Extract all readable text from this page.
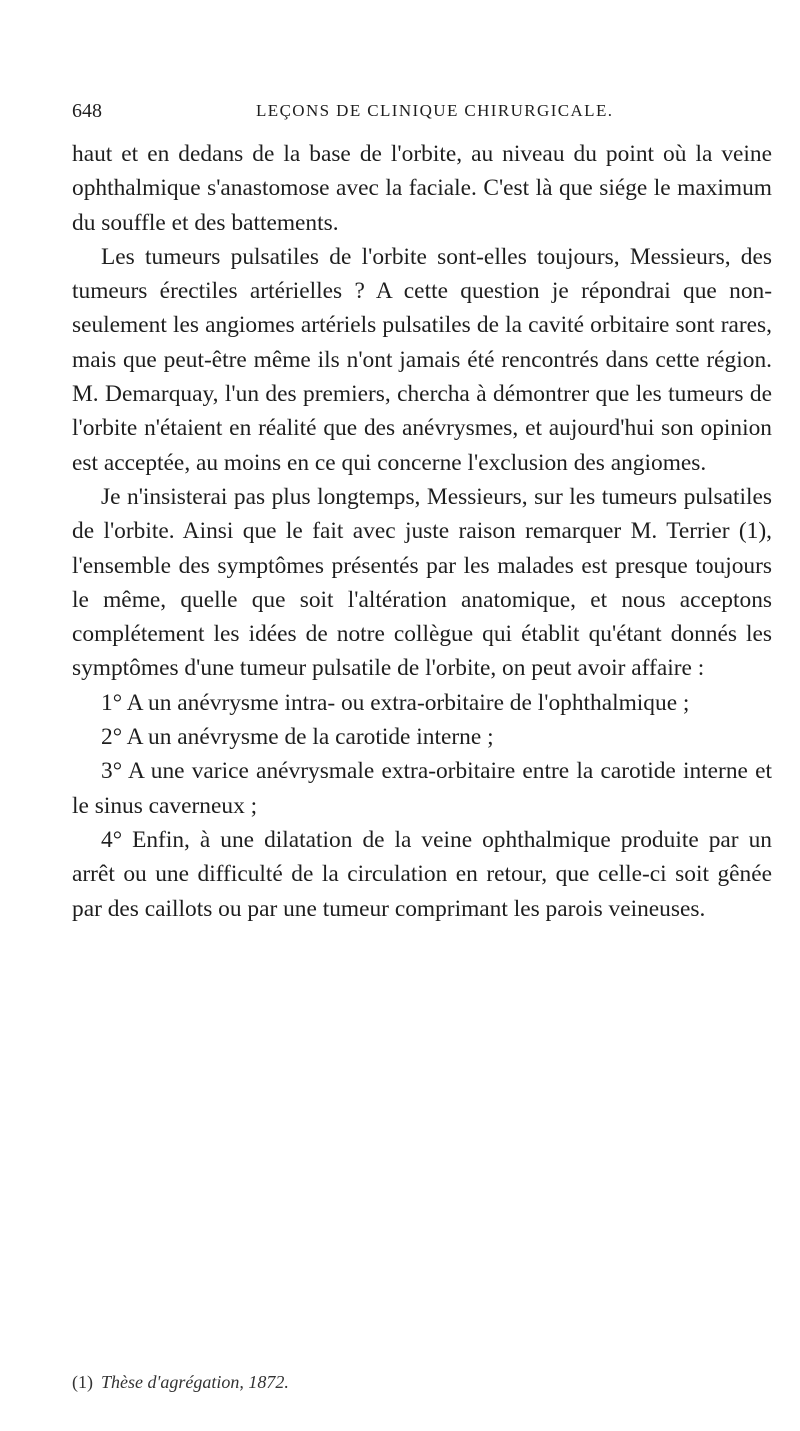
648	LEÇONS DE CLINIQUE CHIRURGICALE.

haut et en dedans de la base de l'orbite, au niveau du point où la veine ophthalmique s'anastomose avec la faciale. C'est là que siége le maximum du souffle et des battements.

Les tumeurs pulsatiles de l'orbite sont-elles toujours, Messieurs, des tumeurs érectiles artérielles ? A cette question je répondrai que non-seulement les angiomes artériels pulsatiles de la cavité orbitaire sont rares, mais que peut-être même ils n'ont jamais été rencontrés dans cette région. M. Demarquay, l'un des premiers, chercha à démontrer que les tumeurs de l'orbite n'étaient en réalité que des anévrysmes, et aujourd'hui son opinion est acceptée, au moins en ce qui concerne l'exclusion des angiomes.

Je n'insisterai pas plus longtemps, Messieurs, sur les tumeurs pulsatiles de l'orbite. Ainsi que le fait avec juste raison remarquer M. Terrier (1), l'ensemble des symptômes présentés par les malades est presque toujours le même, quelle que soit l'altération anatomique, et nous acceptons complétement les idées de notre collègue qui établit qu'étant donnés les symptômes d'une tumeur pulsatile de l'orbite, on peut avoir affaire :

1° A un anévrysme intra- ou extra-orbitaire de l'ophthalmique ;

2° A un anévrysme de la carotide interne ;

3° A une varice anévrysmale extra-orbitaire entre la carotide interne et le sinus caverneux ;

4° Enfin, à une dilatation de la veine ophthalmique produite par un arrêt ou une difficulté de la circulation en retour, que celle-ci soit gênée par des caillots ou par une tumeur comprimant les parois veineuses.

(1) Thèse d'agrégation, 1872.
